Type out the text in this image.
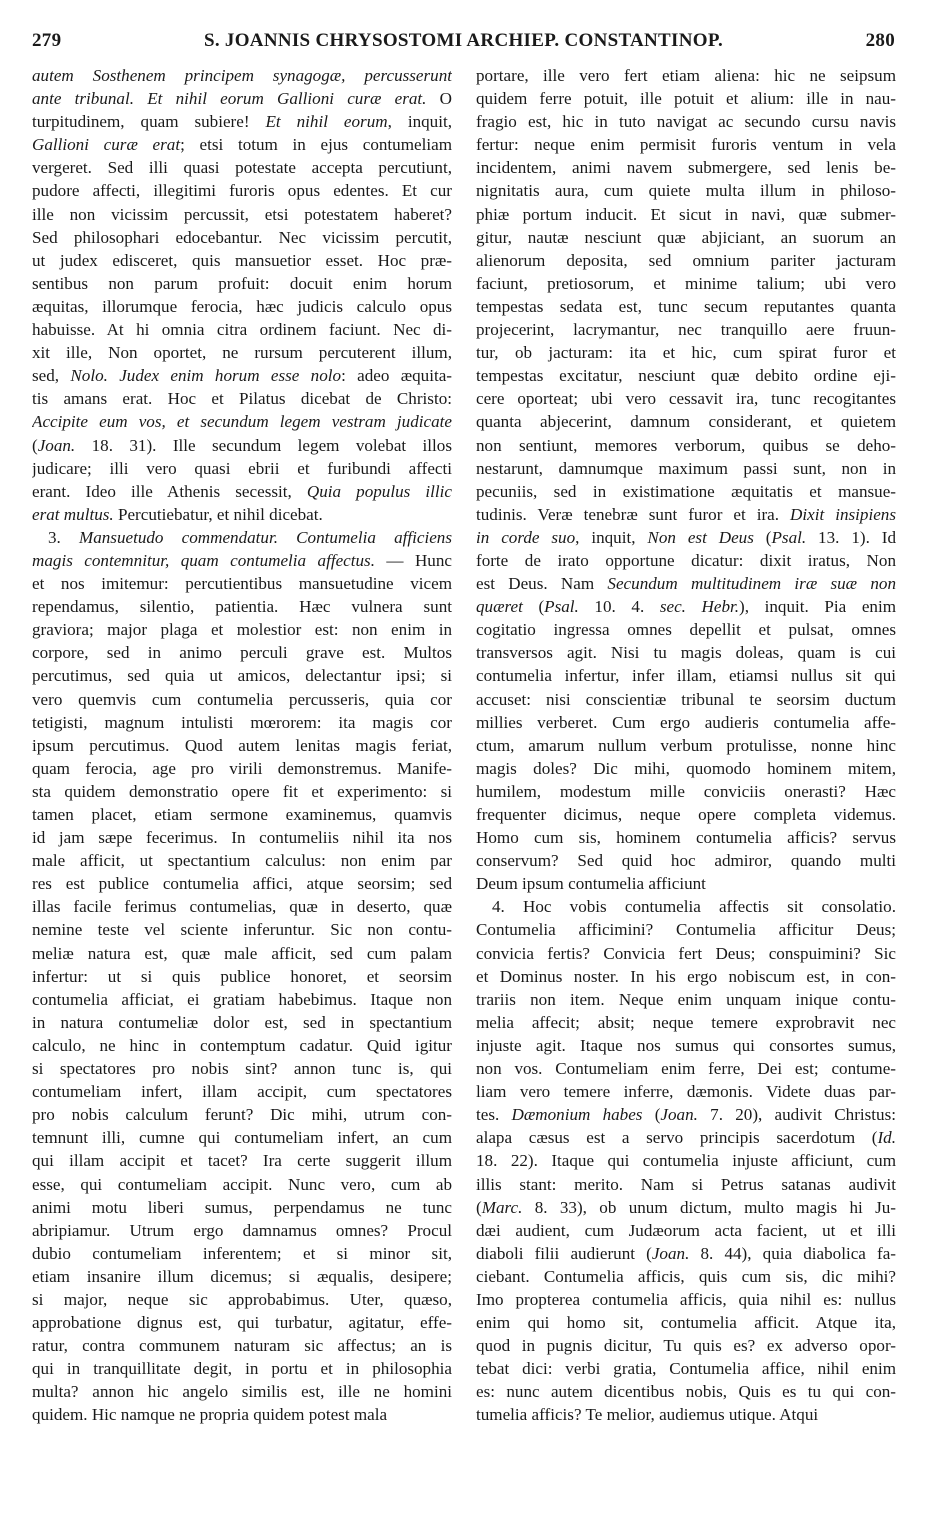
S. JOANNIS CHRYSOSTOMI ARCHIEP. CONSTANTINOP.
279	280
autem Sosthenem principem synagogæ, percusserunt
ante tribunal. Et nihil eorum Gallioni curæ erat. O
turpitudinem, quam subiere! Et nihil eorum, inquit,
Gallioni curæ erat; etsi totum in ejus contumeliam
vergeret. Sed illi quasi potestate accepta percutiunt,
pudore affecti, illegitimi furoris opus edentes. Et cur
ille non vicissim percussit, etsi potestatem haberet?
Sed philosophari edocebantur. Nec vicissim percutit,
ut judex edisceret, quis mansuetior esset. Hoc præ-
sentibus non parum profuit: docuit enim horum
æquitas, illorumque ferocia, hæc judicis calculo opus
habuisse. At hi omnia citra ordinem faciunt. Nec di-
xit ille, Non oportet, ne rursum percuterent illum,
sed, Nolo. Judex enim horum esse nolo: adeo æquita-
tis amans erat. Hoc et Pilatus dicebat de Christo:
Accipite eum vos, et secundum legem vestram judicate
(Joan. 18. 31). Ille secundum legem volebat illos
judicare; illi vero quasi ebrii et furibundi affecti
erant. Ideo ille Athenis secessit, Quia populus illic
erat multus. Percutiebatur, et nihil dicebat.
3. Mansuetudo commendatur. Contumelia afficiens
magis contemnitur, quam contumelia affectus. — Hunc
et nos imitemur: percutientibus mansuetudine vicem
rependamus, silentio, patientia. Hæc vulnera sunt
graviora; major plaga et molestior est: non enim in
corpore, sed in animo perculi grave est. Multos
percutimus, sed quia ut amicos, delectantur ipsi; si
vero quemvis cum contumelia percusseris, quia cor
tetigisti, magnum intulisti mœrorem: ita magis cor
ipsum percutimus. Quod autem lenitas magis feriat,
quam ferocia, age pro virili demonstremus. Manife-
sta quidem demonstratio opere fit et experimento: si
tamen placet, etiam sermone examinemus, quamvis
id jam sæpe fecerimus. In contumeliis nihil ita nos
male afficit, ut spectantium calculus: non enim par
res est publice contumelia affici, atque seorsim; sed
illas facile ferimus contumelias, quæ in deserto, quæ
nemine teste vel sciente inferuntur. Sic non contu-
meliæ natura est, quæ male afficit, sed cum palam
infertur: ut si quis publice honoret, et seorsim
contumelia afficiat, ei gratiam habebimus. Itaque non
in natura contumeliæ dolor est, sed in spectantium
calculo, ne hinc in contemptum cadatur. Quid igitur
si spectatores pro nobis sint? annon tunc is, qui
contumeliam infert, illam accipit, cum spectatores
pro nobis calculum ferunt? Dic mihi, utrum con-
temnunt illi, cumne qui contumeliam infert, an cum
qui illam accipit et tacet? Ira certe suggerit illum
esse, qui contumeliam accipit. Nunc vero, cum ab
animi motu liberi sumus, perpendamus ne tunc
abripiamur. Utrum ergo damnamus omnes? Procul
dubio contumeliam inferentem; et si minor sit,
etiam insanire illum dicemus; si æqualis, desipere;
si major, neque sic approbabimus. Uter, quæso,
approbatione dignus est, qui turbatur, agitatur, effe-
ratur, contra communem naturam sic affectus; an is
qui in tranquillitate degit, in portu et in philosophia
multa? annon hic angelo similis est, ille ne homini
quidem. Hic namque ne propria quidem potest mala
portare, ille vero fert etiam aliena: hic ne seipsum
quidem ferre potuit, ille potuit et alium: ille in nau-
fragio est, hic in tuto navigat ac secundo cursu navis
fertur: neque enim permisit furoris ventum in vela
incidentem, animi navem submergere, sed lenis be-
nignitatis aura, cum quiete multa illum in philoso-
phiæ portum inducit. Et sicut in navi, quæ submer-
gitur, nautæ nesciunt quæ abjiciant, an suorum an
alienorum deposita, sed omnium pariter jacturam
faciunt, pretiosorum, et minime talium; ubi vero
tempestas sedata est, tunc secum reputantes quanta
projecerint, lacrymantur, nec tranquillo aere fruun-
tur, ob jacturam: ita et hic, cum spirat furor et
tempestas excitatur, nesciunt quæ debito ordine eji-
cere oporteat; ubi vero cessavit ira, tunc recogitantes
quanta abjecerint, damnum considerant, et quietem
non sentiunt, memores verborum, quibus se deho-
nestarunt, damnumque maximum passi sunt, non in
pecuniis, sed in existimatione æquitatis et mansue-
tudinis. Veræ tenebræ sunt furor et ira. Dixit insipiens
in corde suo, inquit, Non est Deus (Psal. 13. 1). Id
forte de irato opportune dicatur: dixit iratus, Non
est Deus. Nam Secundum multitudinem iræ suæ non
quæret (Psal. 10. 4. sec. Hebr.), inquit. Pia enim
cogitatio ingressa omnes depellit et pulsat, omnes
transversos agit. Nisi tu magis doleas, quam is cui
contumelia infertur, infer illam, etiamsi nullus sit qui
accuset: nisi conscientiæ tribunal te seorsim ductum
millies verberet. Cum ergo audieris contumelia affe-
ctum, amarum nullum verbum protulisse, nonne hinc
magis doles? Dic mihi, quomodo hominem mitem,
humilem, modestum mille conviciis onerasti? Hæc
frequenter dicimus, neque opere completa videmus.
Homo cum sis, hominem contumelia afficis? servus
conservum? Sed quid hoc admiror, quando multi
Deum ipsum contumelia afficiunt
4. Hoc vobis contumelia affectis sit consolatio.
Contumelia afficimini? Contumelia afficitur Deus;
convicia fertis? Convicia fert Deus; conspuimini? Sic
et Dominus noster. In his ergo nobiscum est, in con-
trariis non item. Neque enim unquam inique contu-
melia affecit; absit; neque temere exprobravit nec
injuste agit. Itaque nos sumus qui consortes sumus,
non vos. Contumeliam enim ferre, Dei est; contume-
liam vero temere inferre, dæmonis. Videte duas par-
tes. Dæmonium habes (Joan. 7. 20), audivit Christus:
alapa cæsus est a servo principis sacerdotum (Id.
18. 22). Itaque qui contumelia injuste afficiunt, cum
illis stant: merito. Nam si Petrus satanas audivit
(Marc. 8. 33), ob unum dictum, multo magis hi Ju-
dæi audient, cum Judæorum acta facient, ut et illi
diaboli filii audierunt (Joan. 8. 44), quia diabolica fa-
ciebant. Contumelia afficis, quis cum sis, dic mihi?
Imo propterea contumelia afficis, quia nihil es: nullus
enim qui homo sit, contumelia afficit. Atque ita,
quod in pugnis dicitur, Tu quis es? ex adverso opor-
tebat dici: verbi gratia, Contumelia affice, nihil enim
es: nunc autem dicentibus nobis, Quis es tu qui con-
tumelia afficis? Te melior, audiemus utique. Atqui
